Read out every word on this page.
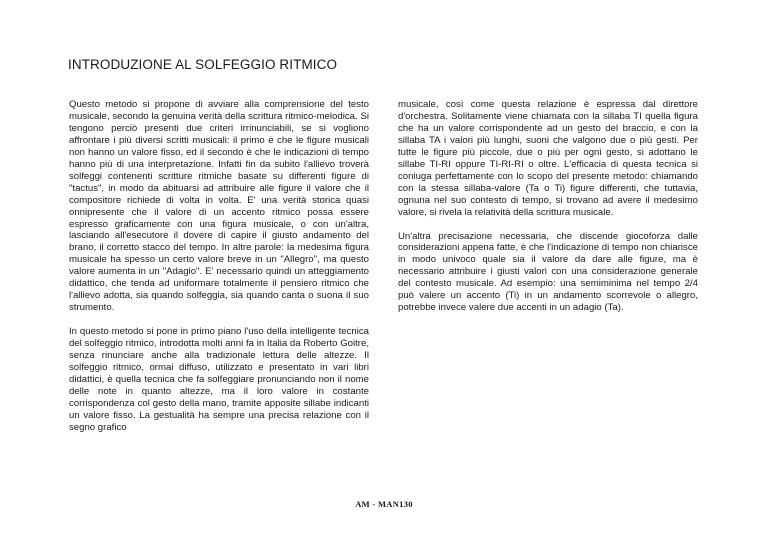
INTRODUZIONE AL SOLFEGGIO RITMICO

Questo metodo si propone di avviare alla comprensione del testo musicale, secondo la genuina verità della scrittura ritmico-melodica. Si tengono perciò presenti due criteri irrinunciabili, se si vogliono affrontare i più diversi scritti musicali: il primo è che le figure musicali non hanno un valore fisso, ed il secondo è che le indicazioni di tempo hanno più di una interpretazione. Infatti fin da subito l'allievo troverà solfeggi contenenti scritture ritmiche basate su differenti figure di "tactus", in modo da abituarsi ad attribuire alle figure il valore che il compositore richiede di volta in volta. E' una verità storica quasi onnipresente che il valore di un accento ritmico possa essere espresso graficamente con una figura musicale, o con un'altra, lasciando all'esecutore il dovere di capire il giusto andamento del brano, il corretto stacco del tempo. In altre parole: la medesima figura musicale ha spesso un certo valore breve in un "Allegro", ma questo valore aumenta in un "Adagio". E' necessario quindi un atteggiamento didattico, che tenda ad uniformare totalmente il pensiero ritmico che l'allievo adotta, sia quando solfeggia, sia quando canta o suona il suo strumento.

In questo metodo si pone in primo piano l'uso della intelligente tecnica del solfeggio ritmico, introdotta molti anni fa in Italia da Roberto Goitre, senza rinunciare anche alla tradizionale lettura delle altezze. Il solfeggio ritmico, ormai diffuso, utilizzato e presentato in vari libri didattici, è quella tecnica che fa solfeggiare pronunciando non il nome delle note in quanto altezze, ma il loro valore in costante corrispondenza col gesto della mano, tramite apposite sillabe indicanti un valore fisso. La gestualità ha sempre una precisa relazione con il segno grafico

musicale, così come questa relazione è espressa dal direttore d'orchestra. Solitamente viene chiamata con la sillaba TI quella figura che ha un valore corrispondente ad un gesto del braccio, e con la sillaba TA i valori più lunghi, suoni che valgono due o più gesti. Per tutte le figure più piccole, due o più per ogni gesto, si adottano le sillabe TI-RI oppure TI-RI-RI o oltre. L'efficacia di questa tecnica si coniuga perfettamente con lo scopo del presente metodo: chiamando con la stessa sillaba-valore (Ta o Ti) figure differenti, che tuttavia, ognuna nel suo contesto di tempo, si trovano ad avere il medesimo valore, si rivela la relatività della scrittura musicale.

Un'altra precisazione necessaria, che discende giocoforza dalle considerazioni appena fatte, è che l'indicazione di tempo non chiarisce in modo univoco quale sia il valore da dare alle figure, ma è necessario attribuire i giusti valori con una considerazione generale del contesto musicale. Ad esempio: una semiminima nel tempo 2/4 può valere un accento (Ti) in un andamento scorrevole o allegro, potrebbe invece valere due accenti in un adagio (Ta).

AM - MAN130
